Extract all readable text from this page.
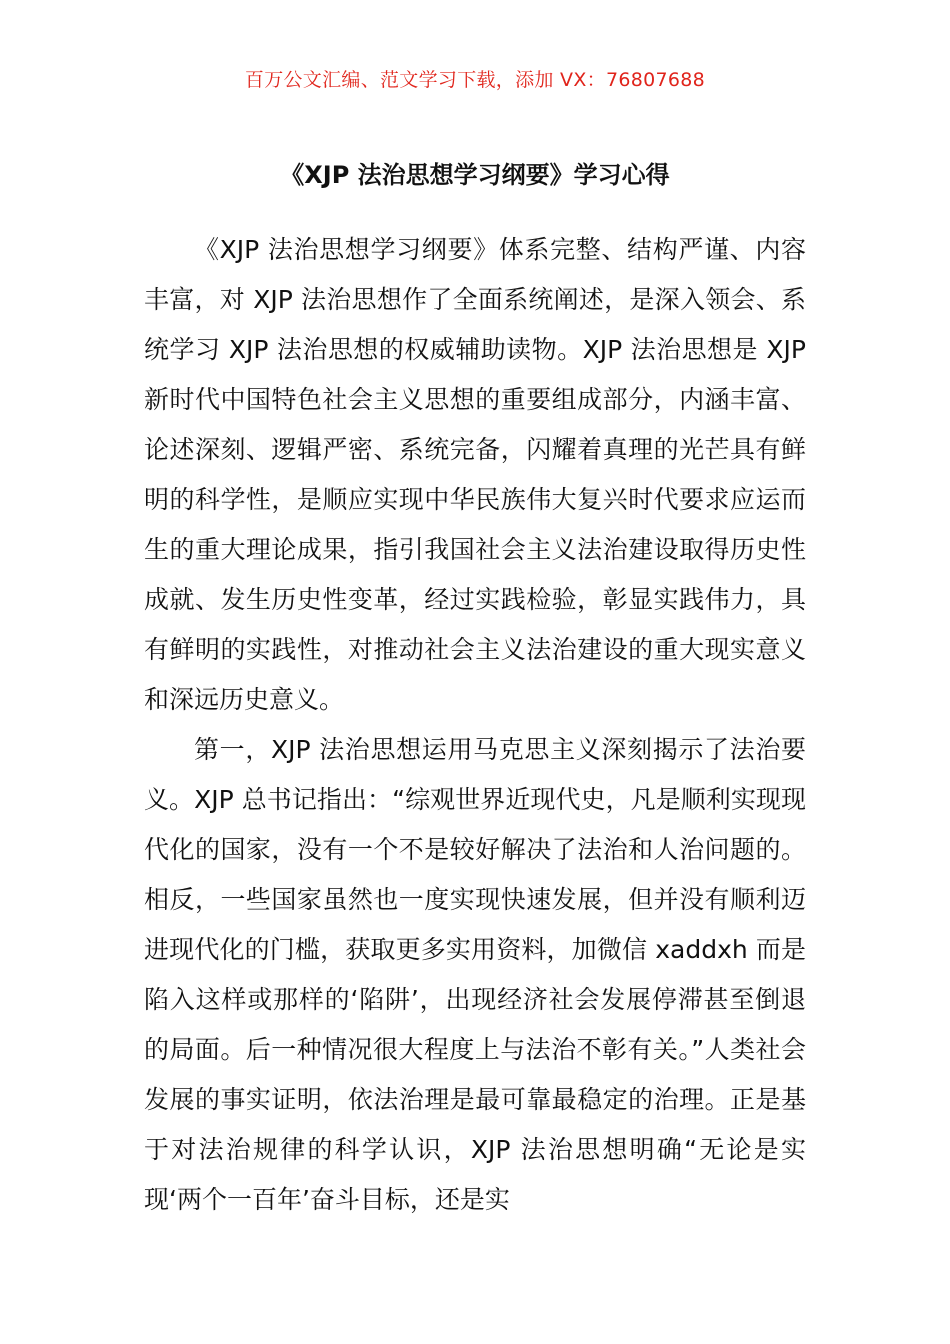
百万公文汇编、范文学习下载，添加 VX：76807688
《XJP 法治思想学习纲要》学习心得

《XJP 法治思想学习纲要》体系完整、结构严谨、内容丰富，对 XJP 法治思想作了全面系统阐述，是深入领会、系统学习 XJP 法治思想的权威辅助读物。XJP 法治思想是 XJP 新时代中国特色社会主义思想的重要组成部分，内涵丰富、论述深刻、逻辑严密、系统完备，闪耀着真理的光芒具有鲜明的科学性，是顺应实现中华民族伟大复兴时代要求应运而生的重大理论成果，指引我国社会主义法治建设取得历史性成就、发生历史性变革，经过实践检验，彰显实践伟力，具有鲜明的实践性，对推动社会主义法治建设的重大现实意义和深远历史意义。

第一，XJP 法治思想运用马克思主义深刻揭示了法治要义。XJP 总书记指出：“综观世界近现代史，凡是顺利实现现代化的国家，没有一个不是较好解决了法治和人治问题的。相反，一些国家虽然也一度实现快速发展，但并没有顺利迈进现代化的门槛，获取更多实用资料，加微信 xaddxh 而是陷入这样或那样的‘陷阱’，出现经济社会发展停滞甚至倒退的局面。后一种情况很大程度上与法治不彰有关。”人类社会发展的事实证明，依法治理是最可靠最稳定的治理。正是基于对法治规律的科学认识，XJP 法治思想明确“无论是实现‘两个一百年’奋斗目标，还是实
